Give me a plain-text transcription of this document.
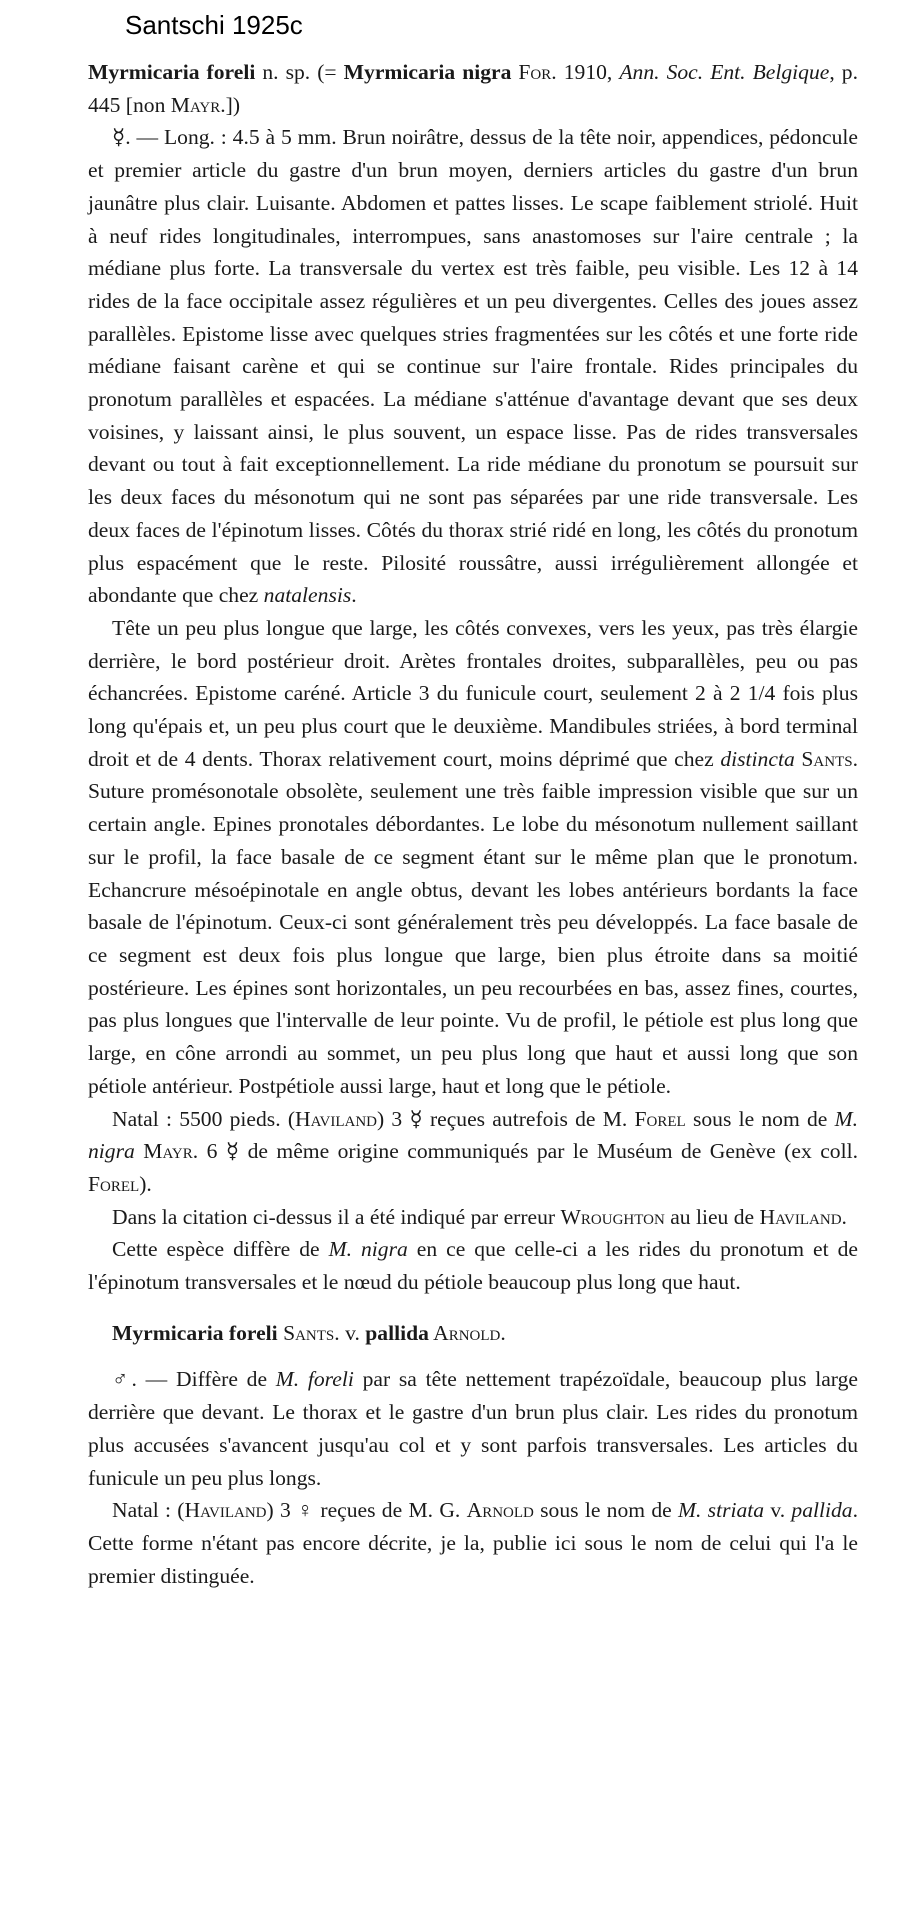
Santschi 1925c

Myrmicaria foreli n. sp. (= Myrmicaria nigra For. 1910, Ann. Soc. Ent. Belgique, p. 445 [non Mayr.])

☿. — Long. : 4.5 à 5 mm. Brun noirâtre, dessus de la tête noir, appendices, pédoncule et premier article du gastre d'un brun moyen, derniers articles du gastre d'un brun jaunâtre plus clair. Luisante. Abdomen et pattes lisses. Le scape faiblement striolé. Huit à neuf rides longitudinales, interrompues, sans anastomoses sur l'aire centrale ; la médiane plus forte. La transversale du vertex est très faible, peu visible. Les 12 à 14 rides de la face occipitale assez régulières et un peu divergentes. Celles des joues assez parallèles. Epistome lisse avec quelques stries fragmentées sur les côtés et une forte ride médiane faisant carène et qui se continue sur l'aire frontale. Rides principales du pronotum parallèles et espacées. La médiane s'atténue d'avantage devant que ses deux voisines, y laissant ainsi, le plus souvent, un espace lisse. Pas de rides transversales devant ou tout à fait exceptionnellement. La ride médiane du pronotum se poursuit sur les deux faces du mésonotum qui ne sont pas séparées par une ride transversale. Les deux faces de l'épinotum lisses. Côtés du thorax strié ridé en long, les côtés du pronotum plus espacément que le reste. Pilosité roussâtre, aussi irrégulièrement allongée et abondante que chez natalensis.

Tête un peu plus longue que large, les côtés convexes, vers les yeux, pas très élargie derrière, le bord postérieur droit. Arètes frontales droites, subparallèles, peu ou pas échancrées. Epistome caréné. Article 3 du funicule court, seulement 2 à 2 1/4 fois plus long qu'épais et, un peu plus court que le deuxième. Mandibules striées, à bord terminal droit et de 4 dents. Thorax relativement court, moins déprimé que chez distincta Sants. Suture promésonotale obsolète, seulement une très faible impression visible que sur un certain angle. Epines pronotales débordantes. Le lobe du mésonotum nullement saillant sur le profil, la face basale de ce segment étant sur le même plan que le pronotum. Echancrure mésoépinotale en angle obtus, devant les lobes antérieurs bordants la face basale de l'épinotum. Ceux-ci sont généralement très peu développés. La face basale de ce segment est deux fois plus longue que large, bien plus étroite dans sa moitié postérieure. Les épines sont horizontales, un peu recourbées en bas, assez fines, courtes, pas plus longues que l'intervalle de leur pointe. Vu de profil, le pétiole est plus long que large, en cône arrondi au sommet, un peu plus long que haut et aussi long que son pétiole antérieur. Postpétiole aussi large, haut et long que le pétiole.

Natal : 5500 pieds. (Haviland) 3 ☿ reçues autrefois de M. Forel sous le nom de M. nigra Mayr. 6 ☿ de même origine communiqués par le Muséum de Genève (ex coll. Forel).

Dans la citation ci-dessus il a été indiqué par erreur Wroughton au lieu de Haviland.

Cette espèce diffère de M. nigra en ce que celle-ci a les rides du pronotum et de l'épinotum transversales et le nœud du pétiole beaucoup plus long que haut.

Myrmicaria foreli Sants. v. pallida Arnold.

♂. — Diffère de M. foreli par sa tête nettement trapézoïdale, beaucoup plus large derrière que devant. Le thorax et le gastre d'un brun plus clair. Les rides du pronotum plus accusées s'avancent jusqu'au col et y sont parfois transversales. Les articles du funicule un peu plus longs.

Natal : (Haviland) 3 ♀ reçues de M. G. Arnold sous le nom de M. striata v. pallida. Cette forme n'étant pas encore décrite, je la, publie ici sous le nom de celui qui l'a le premier distinguée.
